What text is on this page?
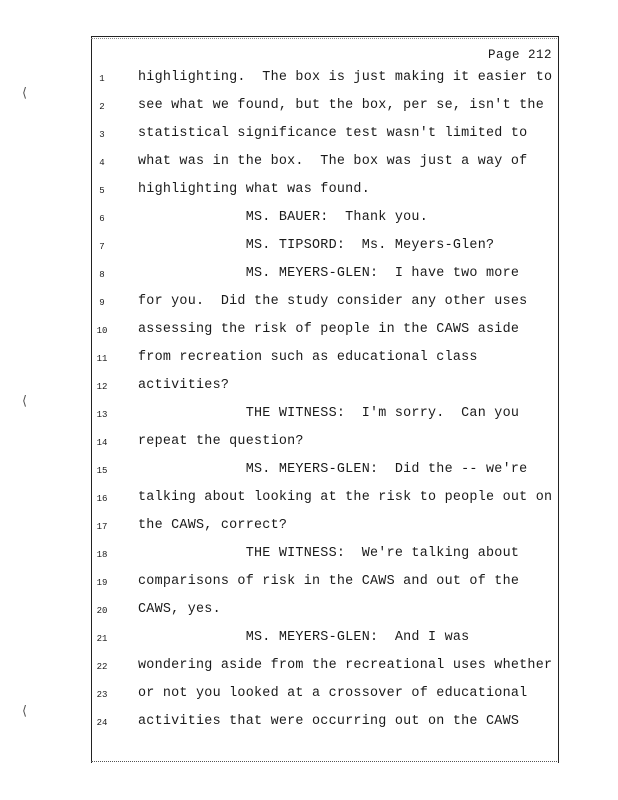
⟨
⟨
⟨
Page 212
1	highlighting.  The box is just making it easier to
2	see what we found, but the box, per se, isn't the
3	statistical significance test wasn't limited to
4	what was in the box.  The box was just a way of
5	highlighting what was found.
6	MS. BAUER:  Thank you.
7	MS. TIPSORD:  Ms. Meyers-Glen?
8	MS. MEYERS-GLEN:  I have two more
9	for you.  Did the study consider any other uses
10	assessing the risk of people in the CAWS aside
11	from recreation such as educational class
12	activities?
13	THE WITNESS:  I'm sorry.  Can you
14	repeat the question?
15	MS. MEYERS-GLEN:  Did the -- we're
16	talking about looking at the risk to people out on
17	the CAWS, correct?
18	THE WITNESS:  We're talking about
19	comparisons of risk in the CAWS and out of the
20	CAWS, yes.
21	MS. MEYERS-GLEN:  And I was
22	wondering aside from the recreational uses whether
23	or not you looked at a crossover of educational
24	activities that were occurring out on the CAWS
